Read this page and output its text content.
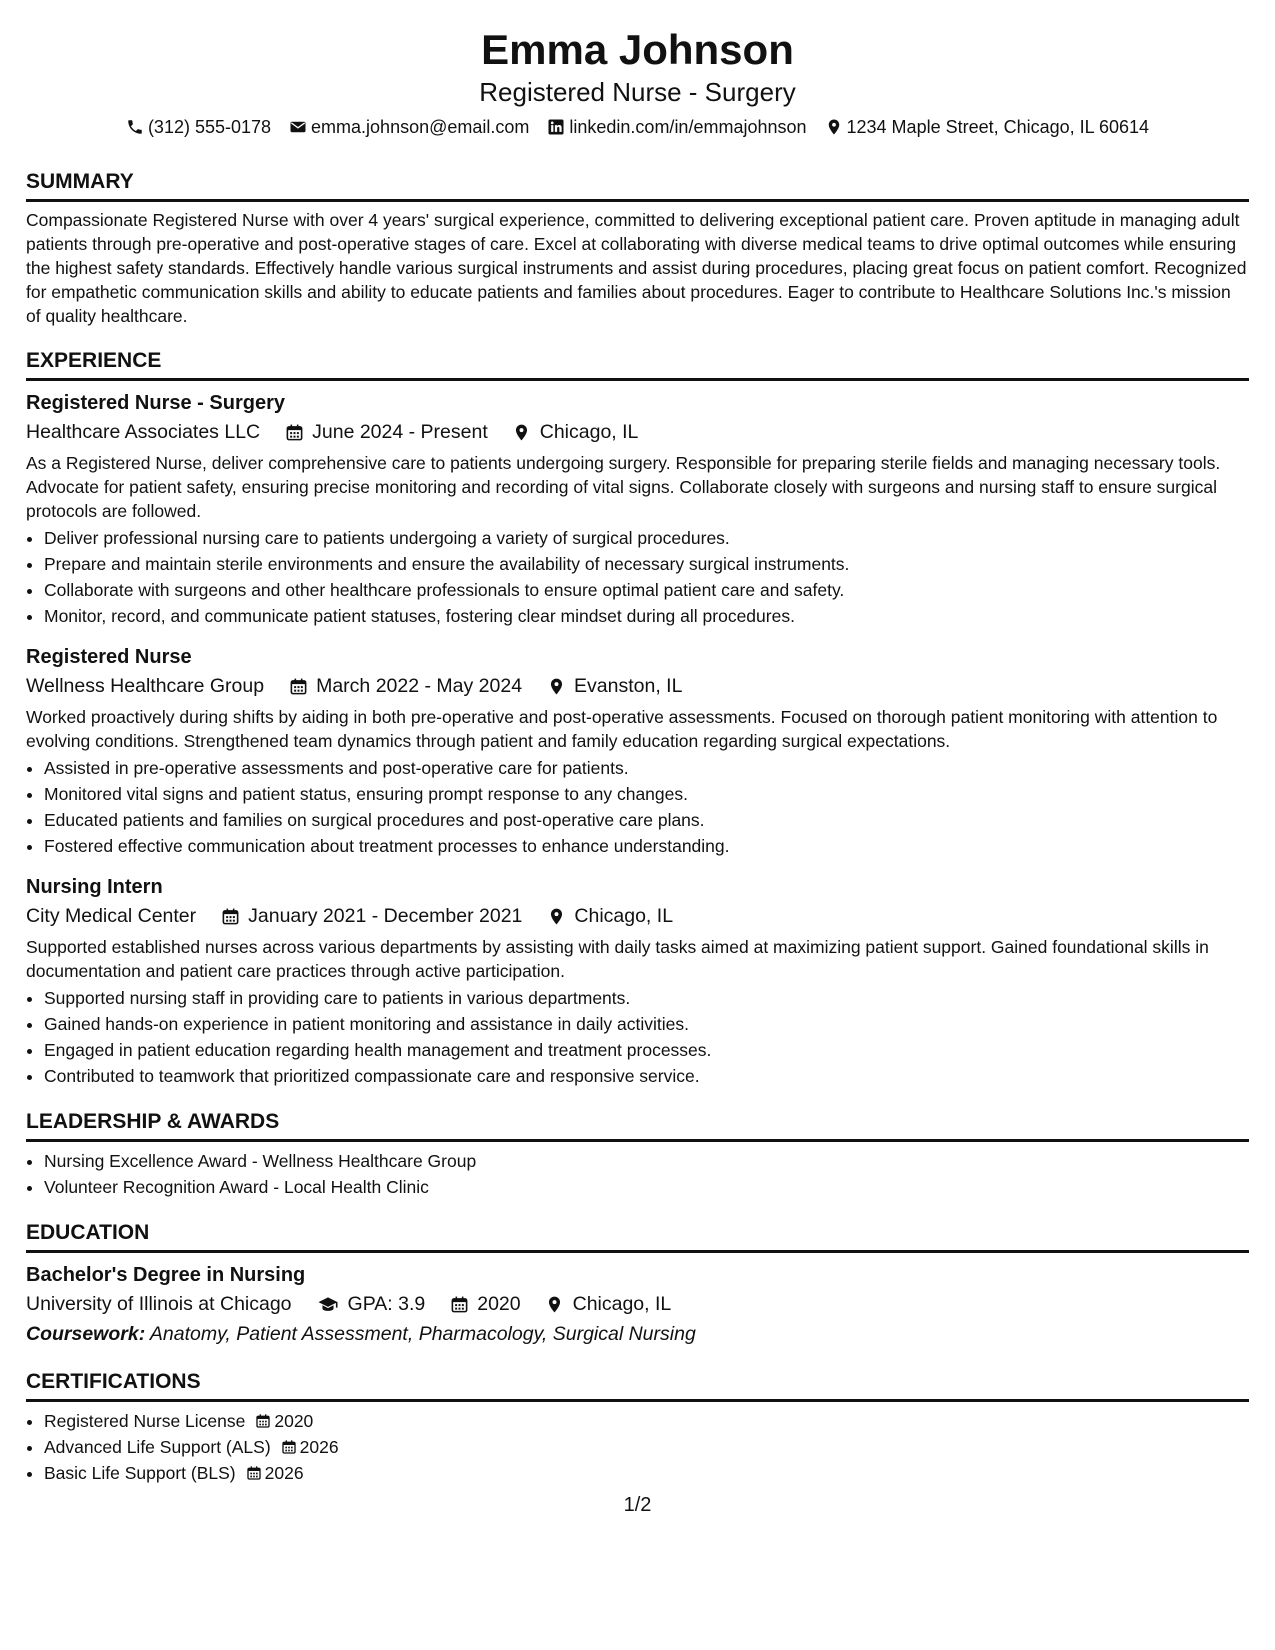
Emma Johnson
Registered Nurse - Surgery
(312) 555-0178 emma.johnson@email.com linkedin.com/in/emmajohnson 1234 Maple Street, Chicago, IL 60614
SUMMARY
Compassionate Registered Nurse with over 4 years' surgical experience, committed to delivering exceptional patient care. Proven aptitude in managing adult patients through pre-operative and post-operative stages of care. Excel at collaborating with diverse medical teams to drive optimal outcomes while ensuring the highest safety standards. Effectively handle various surgical instruments and assist during procedures, placing great focus on patient comfort. Recognized for empathetic communication skills and ability to educate patients and families about procedures. Eager to contribute to Healthcare Solutions Inc.'s mission of quality healthcare.
EXPERIENCE
Registered Nurse - Surgery
Healthcare Associates LLC	June 2024 - Present	Chicago, IL
As a Registered Nurse, deliver comprehensive care to patients undergoing surgery. Responsible for preparing sterile fields and managing necessary tools. Advocate for patient safety, ensuring precise monitoring and recording of vital signs. Collaborate closely with surgeons and nursing staff to ensure surgical protocols are followed.
• Deliver professional nursing care to patients undergoing a variety of surgical procedures.
• Prepare and maintain sterile environments and ensure the availability of necessary surgical instruments.
• Collaborate with surgeons and other healthcare professionals to ensure optimal patient care and safety.
• Monitor, record, and communicate patient statuses, fostering clear mindset during all procedures.
Registered Nurse
Wellness Healthcare Group	March 2022 - May 2024	Evanston, IL
Worked proactively during shifts by aiding in both pre-operative and post-operative assessments. Focused on thorough patient monitoring with attention to evolving conditions. Strengthened team dynamics through patient and family education regarding surgical expectations.
• Assisted in pre-operative assessments and post-operative care for patients.
• Monitored vital signs and patient status, ensuring prompt response to any changes.
• Educated patients and families on surgical procedures and post-operative care plans.
• Fostered effective communication about treatment processes to enhance understanding.
Nursing Intern
City Medical Center	January 2021 - December 2021	Chicago, IL
Supported established nurses across various departments by assisting with daily tasks aimed at maximizing patient support. Gained foundational skills in documentation and patient care practices through active participation.
• Supported nursing staff in providing care to patients in various departments.
• Gained hands-on experience in patient monitoring and assistance in daily activities.
• Engaged in patient education regarding health management and treatment processes.
• Contributed to teamwork that prioritized compassionate care and responsive service.
LEADERSHIP & AWARDS
• Nursing Excellence Award - Wellness Healthcare Group
• Volunteer Recognition Award - Local Health Clinic
EDUCATION
Bachelor's Degree in Nursing
University of Illinois at Chicago	GPA: 3.9	2020	Chicago, IL
Coursework: Anatomy, Patient Assessment, Pharmacology, Surgical Nursing
CERTIFICATIONS
• Registered Nurse License 2020
• Advanced Life Support (ALS) 2026
• Basic Life Support (BLS) 2026
1/2
